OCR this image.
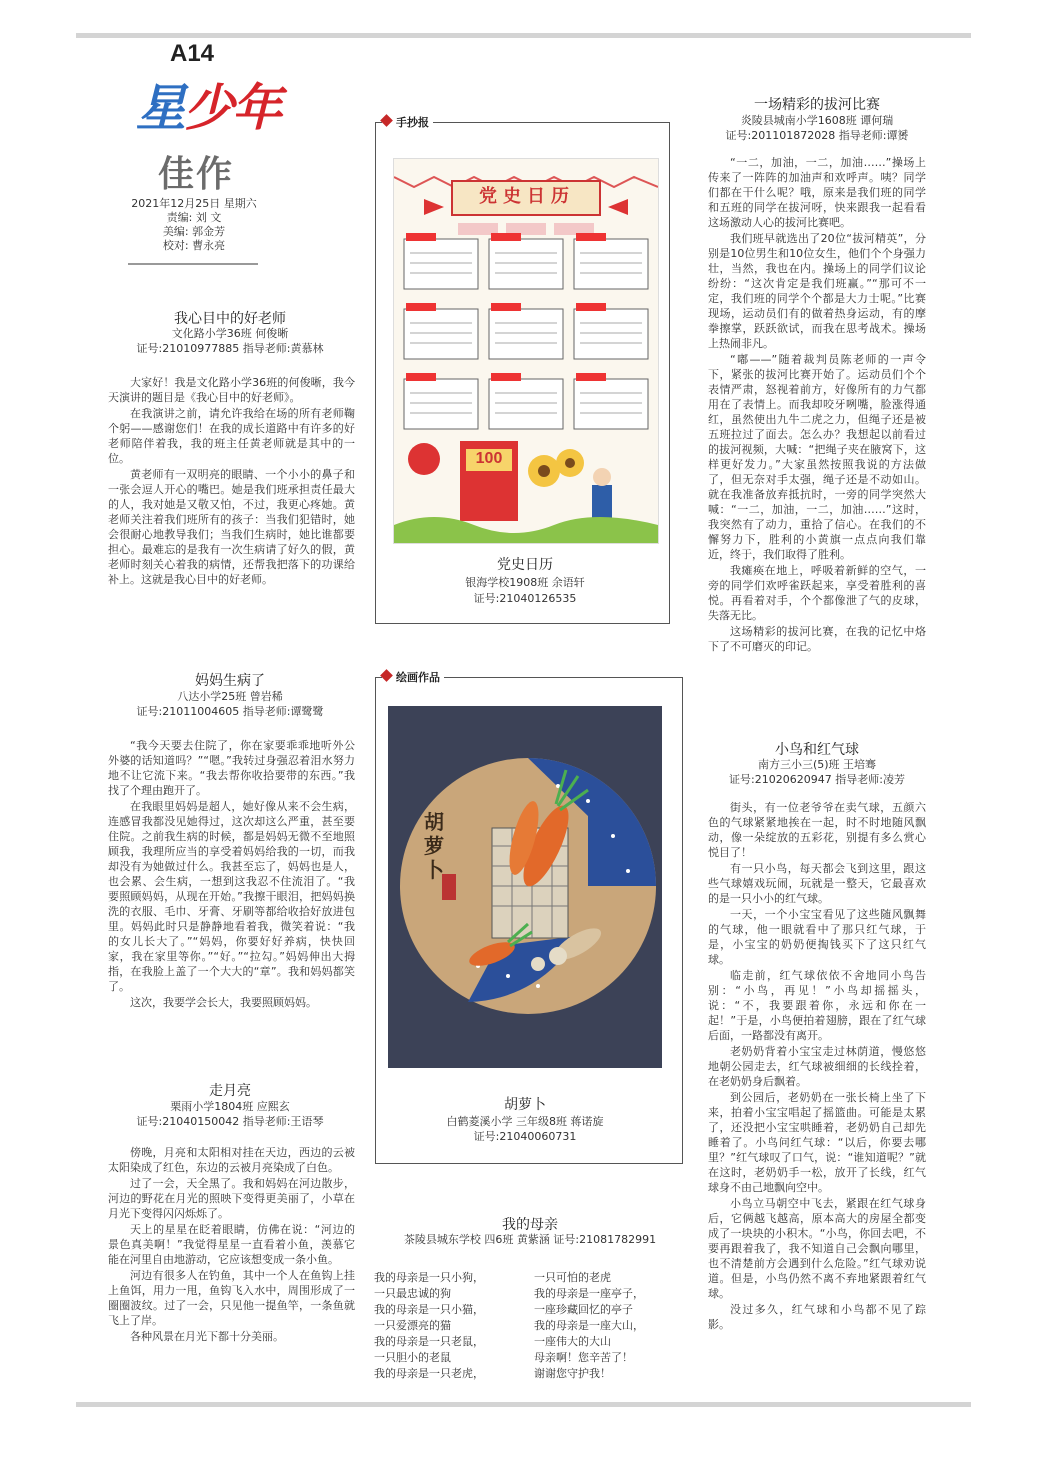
A14
星少年
佳作
2021年12月25日 星期六
责编: 刘 文
美编: 郭金芳
校对: 曹永亮
我心目中的好老师
文化路小学36班 何俊晰
证号:21010977885 指导老师:黄慕林

大家好！我是文化路小学36班的何俊晰，我今天演讲的题目是《我心目中的好老师》。

在我演讲之前，请允许我给在场的所有老师鞠个躬——感谢您们！在我的成长道路中有许多的好老师陪伴着我，我的班主任黄老师就是其中的一位。

黄老师有一双明亮的眼睛、一个小小的鼻子和一张会逗人开心的嘴巴。她是我们班承担责任最大的人，我对她是又敬又怕，不过，我更心疼她。黄老师关注着我们班所有的孩子：当我们犯错时，她会很耐心地教导我们；当我们生病时，她比谁都要担心。最难忘的是我有一次生病请了好久的假，黄老师时刻关心着我的病情，还帮我把落下的功课给补上。这就是我心目中的好老师。

妈妈生病了
八达小学25班 曾岩稀
证号:21011004605 指导老师:谭鹭鹭

“我今天要去住院了，你在家要乖乖地听外公外婆的话知道吗？”“嗯。”我转过身强忍着泪水努力地不让它流下来。“我去帮你收拾要带的东西。”我找了个理由跑开了。

在我眼里妈妈是超人，她好像从来不会生病，连感冒我都没见她得过，这次却这么严重，甚至要住院。之前我生病的时候，都是妈妈无微不至地照顾我，我理所应当的享受着妈妈给我的一切，而我却没有为她做过什么。我甚至忘了，妈妈也是人，也会累、会生病，一想到这我忍不住流泪了。“我要照顾妈妈，从现在开始。”我擦干眼泪，把妈妈换洗的衣服、毛巾、牙膏、牙刷等都给收拾好放进包里。妈妈此时只是静静地看着我，微笑着说：“我的女儿长大了。”“妈妈，你要好好养病，快快回家，我在家里等你。”“好。”“拉勾。”妈妈伸出大拇指，在我脸上盖了一个大大的“章”。我和妈妈都笑了。

这次，我要学会长大，我要照顾妈妈。

走月亮
栗雨小学1804班 应熙玄
证号:21040150042 指导老师:王语琴

傍晚，月亮和太阳相对挂在天边，西边的云被太阳染成了红色，东边的云被月亮染成了白色。

过了一会，天全黑了。我和妈妈在河边散步，河边的野花在月光的照映下变得更美丽了，小草在月光下变得闪闪烁烁了。

天上的星星在眨着眼睛，仿佛在说：“河边的景色真美啊！”我觉得星星一直看着小鱼，羡慕它能在河里自由地游动，它应该想变成一条小鱼。

河边有很多人在钓鱼，其中一个人在鱼钩上挂上鱼饵，用力一甩，鱼钩飞入水中，周围形成了一圈圈波纹。过了一会，只见他一提鱼竿，一条鱼就飞上了岸。

各种风景在月光下都十分美丽。

手抄报
党史日历
100
党史日历
银海学校1908班 余语轩
证号:21040126535
绘画作品
胡萝卜
胡萝卜
白鹤菱溪小学 三年级8班 蒋诺旋
证号:21040060731
我的母亲
茶陵县城东学校 四6班 黄紫涵 证号:21081782991
我的母亲是一只小狗，
一只最忠诚的狗
我的母亲是一只小猫，
一只爱漂亮的猫
我的母亲是一只老鼠，
一只胆小的老鼠
我的母亲是一只老虎，
一只可怕的老虎
我的母亲是一座亭子，
一座珍藏回忆的亭子
我的母亲是一座大山，
一座伟大的大山
母亲啊！您辛苦了！
谢谢您守护我！
一场精彩的拔河比赛
炎陵县城南小学1608班 谭何瑞
证号:201101872028 指导老师:谭赟

“一二，加油，一二，加油……”操场上传来了一阵阵的加油声和欢呼声。咦？同学们都在干什么呢？哦，原来是我们班的同学和五班的同学在拔河呀，快来跟我一起看看这场激动人心的拔河比赛吧。

我们班早就选出了20位“拔河精英”，分别是10位男生和10位女生，他们个个身强力壮，当然，我也在内。操场上的同学们议论纷纷：“这次肯定是我们班赢。”“那可不一定，我们班的同学个个都是大力士呢。”比赛现场，运动员们有的做着热身运动，有的摩拳擦掌，跃跃欲试，而我在思考战术。操场上热闹非凡。

“嘟——”随着裁判员陈老师的一声令下，紧张的拔河比赛开始了。运动员们个个表情严肃，怒视着前方，好像所有的力气都用在了表情上。而我却咬牙咧嘴，脸涨得通红，虽然使出九牛二虎之力，但绳子还是被五班拉过了面去。怎么办？我想起以前看过的拔河视频，大喊：“把绳子夹在腋窝下，这样更好发力。”大家虽然按照我说的方法做了，但无奈对手太强，绳子还是不动如山。就在我准备放弃抵抗时，一旁的同学突然大喊：“一二，加油，一二，加油……”这时，我突然有了动力，重拾了信心。在我们的不懈努力下，胜利的小黄旗一点点向我们靠近，终于，我们取得了胜利。

我瘫痪在地上，呼吸着新鲜的空气，一旁的同学们欢呼雀跃起来，享受着胜利的喜悦。再看着对手，个个都像泄了气的皮球，失落无比。

这场精彩的拔河比赛，在我的记忆中烙下了不可磨灭的印记。

小鸟和红气球
南方三小三(5)班 王培骞
证号:21020620947 指导老师:凌芳

街头，有一位老爷爷在卖气球，五颜六色的气球紧紧地挨在一起，时不时地随风飘动，像一朵绽放的五彩花，别提有多么赏心悦目了！

有一只小鸟，每天都会飞到这里，跟这些气球嬉戏玩闹，玩就是一整天，它最喜欢的是一只小小的红气球。

一天，一个小宝宝看见了这些随风飘舞的气球，他一眼就看中了那只红气球，于是，小宝宝的奶奶便掏钱买下了这只红气球。

临走前，红气球依依不舍地同小鸟告别：“小鸟，再见！”小鸟却摇摇头，说：“不，我要跟着你，永远和你在一起！”于是，小鸟便拍着翅膀，跟在了红气球后面，一路都没有离开。

老奶奶背着小宝宝走过林荫道，慢悠悠地朝公园走去，红气球被细细的长线拴着，在老奶奶身后飘着。

到公园后，老奶奶在一张长椅上坐了下来，拍着小宝宝唱起了摇篮曲。可能是太累了，还没把小宝宝哄睡着，老奶奶自己却先睡着了。小鸟问红气球：“以后，你要去哪里？”红气球叹了口气，说：“谁知道呢？”就在这时，老奶奶手一松，放开了长线，红气球身不由己地飘向空中。

小鸟立马朝空中飞去，紧跟在红气球身后，它俩越飞越高，原本高大的房屋全都变成了一块块的小积木。“小鸟，你回去吧，不要再跟着我了，我不知道自己会飘向哪里，也不清楚前方会遇到什么危险。”红气球劝说道。但是，小鸟仍然不离不弃地紧跟着红气球。

没过多久，红气球和小鸟都不见了踪影。
